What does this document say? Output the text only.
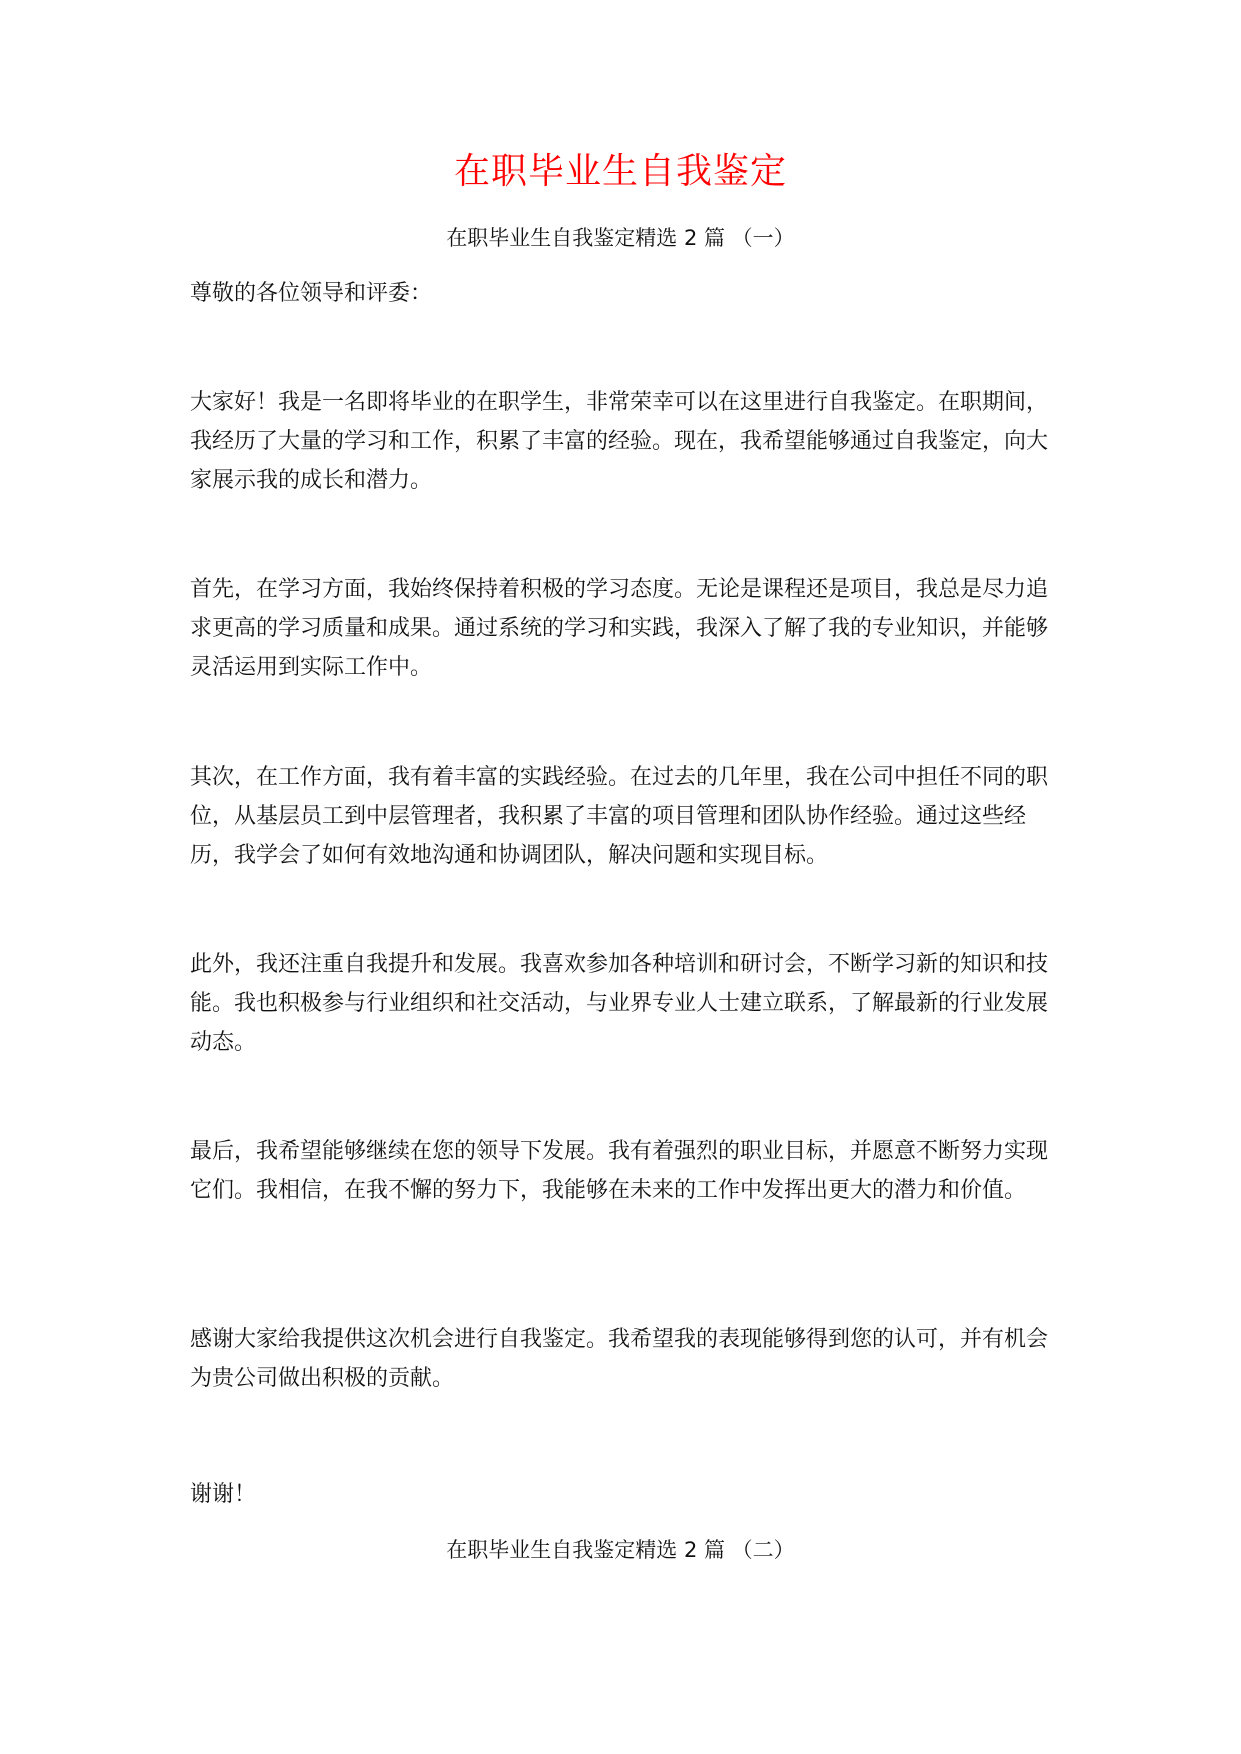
在职毕业生自我鉴定
在职毕业生自我鉴定精选 2 篇 （一）
尊敬的各位领导和评委：

大家好！我是一名即将毕业的在职学生，非常荣幸可以在这里进行自我鉴定。在职期间，我经历了大量的学习和工作，积累了丰富的经验。现在，我希望能够通过自我鉴定，向大家展示我的成长和潜力。

首先，在学习方面，我始终保持着积极的学习态度。无论是课程还是项目，我总是尽力追求更高的学习质量和成果。通过系统的学习和实践，我深入了解了我的专业知识，并能够灵活运用到实际工作中。

其次，在工作方面，我有着丰富的实践经验。在过去的几年里，我在公司中担任不同的职位，从基层员工到中层管理者，我积累了丰富的项目管理和团队协作经验。通过这些经历，我学会了如何有效地沟通和协调团队，解决问题和实现目标。

此外，我还注重自我提升和发展。我喜欢参加各种培训和研讨会，不断学习新的知识和技能。我也积极参与行业组织和社交活动，与业界专业人士建立联系，了解最新的行业发展动态。

最后，我希望能够继续在您的领导下发展。我有着强烈的职业目标，并愿意不断努力实现它们。我相信，在我不懈的努力下，我能够在未来的工作中发挥出更大的潜力和价值。

感谢大家给我提供这次机会进行自我鉴定。我希望我的表现能够得到您的认可，并有机会为贵公司做出积极的贡献。

谢谢！
在职毕业生自我鉴定精选 2 篇 （二）
